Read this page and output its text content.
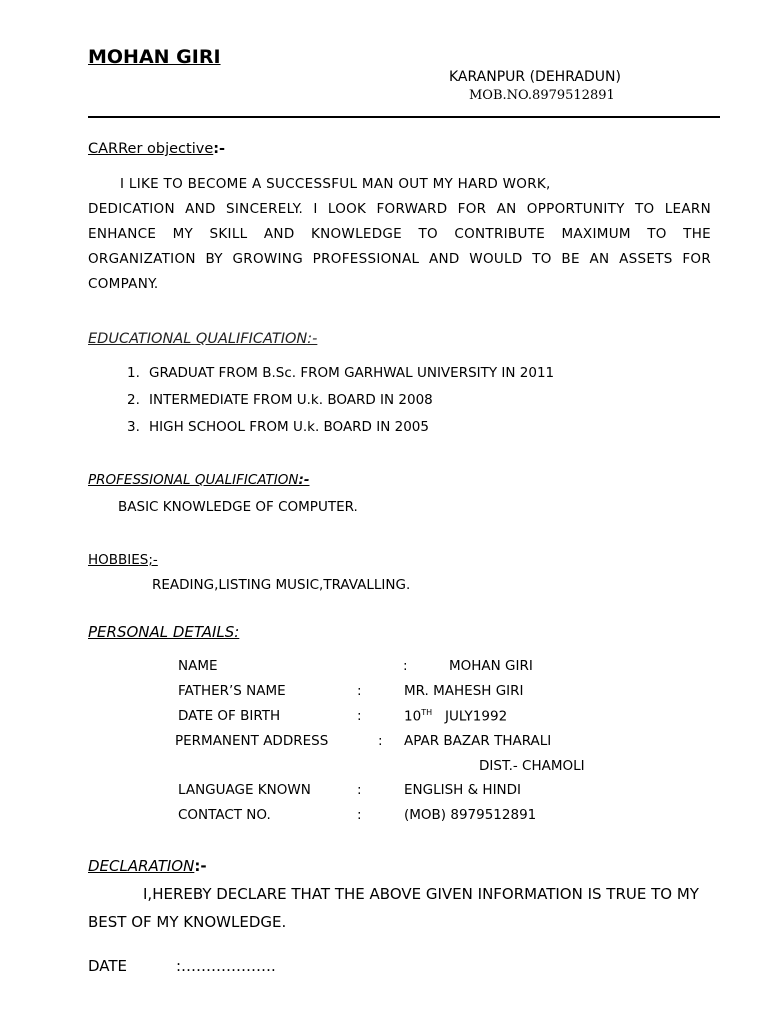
MOHAN GIRI
KARANPUR (DEHRADUN)
MOB.NO.8979512891
CARRer objective:-
I LIKE TO BECOME A SUCCESSFUL MAN OUT MY HARD WORK,
DEDICATION AND SINCERELY. I LOOK FORWARD FOR AN OPPORTUNITY TO LEARN ENHANCE MY SKILL AND KNOWLEDGE TO CONTRIBUTE MAXIMUM TO THE ORGANIZATION BY GROWING PROFESSIONAL AND WOULD TO BE AN ASSETS FOR COMPANY.
EDUCATIONAL QUALIFICATION:-
1. GRADUAT FROM B.Sc. FROM GARHWAL UNIVERSITY IN 2011
2. INTERMEDIATE FROM U.k. BOARD IN 2008
3. HIGH SCHOOL FROM U.k. BOARD IN 2005
PROFESSIONAL QUALIFICATION:-
BASIC KNOWLEDGE OF COMPUTER.
HOBBIES;-
READING,LISTING MUSIC,TRAVALLING.
PERSONAL DETAILS:
NAME	:	MOHAN GIRI
FATHER’S NAME	:	MR. MAHESH GIRI
DATE OF BIRTH	:	10TH JULY1992
PERMANENT ADDRESS	: APAR BAZAR THARALI
DIST.- CHAMOLI
LANGUAGE KNOWN	:	ENGLISH & HINDI
CONTACT NO.	:	(MOB) 8979512891
DECLARATION:-
I,HEREBY DECLARE THAT THE ABOVE GIVEN INFORMATION IS TRUE TO MY BEST OF MY KNOWLEDGE.
DATE	:……………….
